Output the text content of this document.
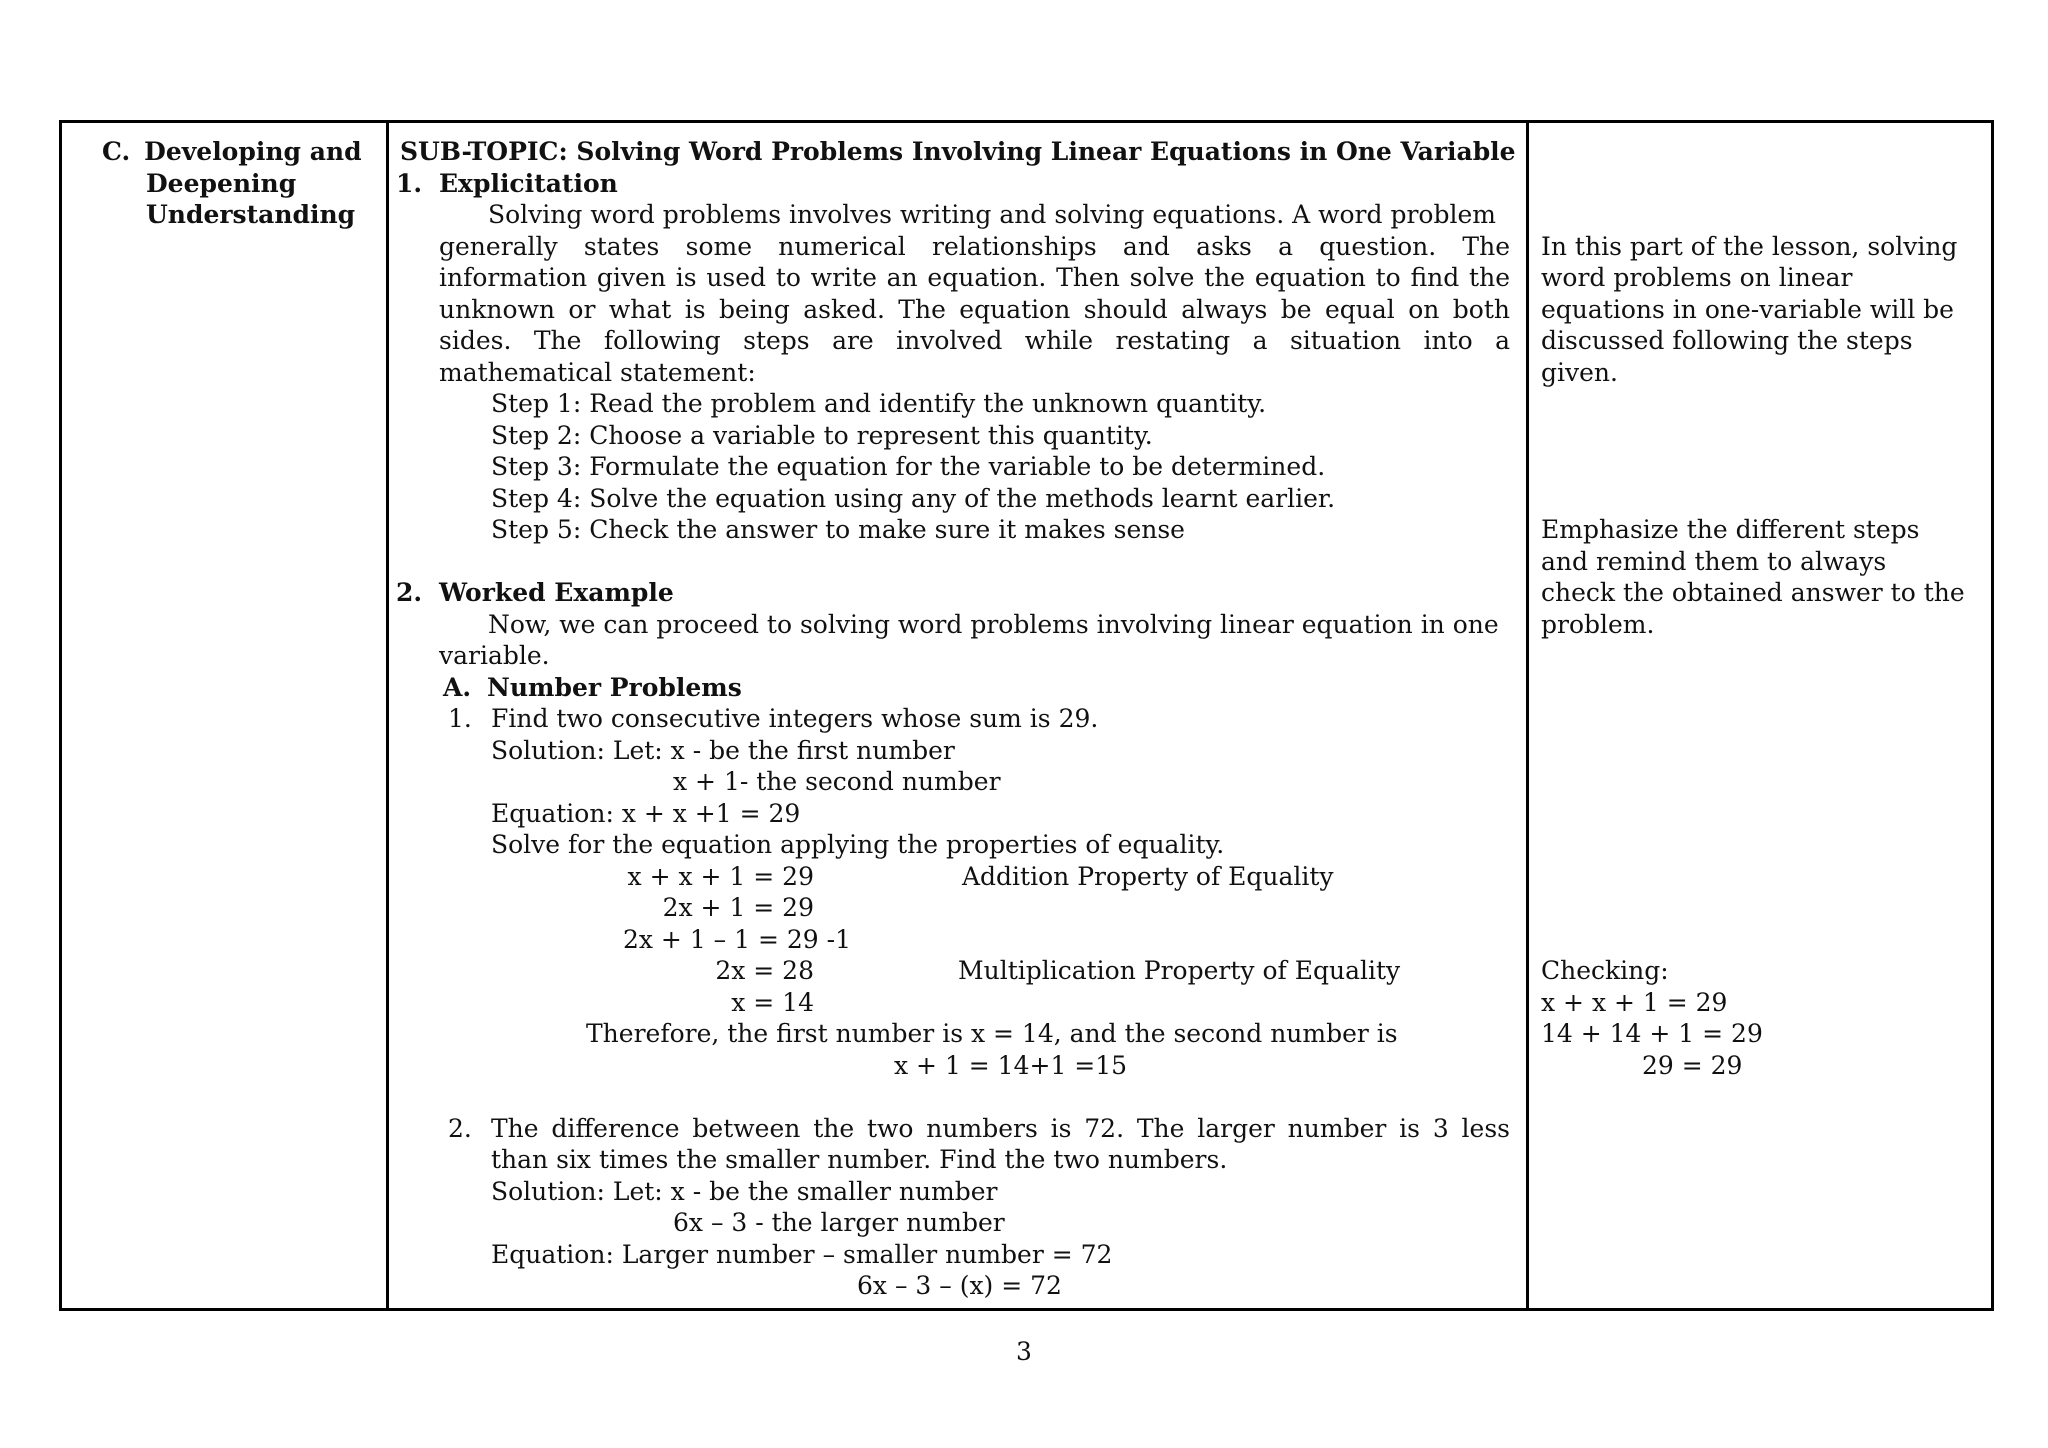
C. Developing and
Deepening
Understanding
SUB-TOPIC: Solving Word Problems Involving Linear Equations in One Variable
1. Explicitation
Solving word problems involves writing and solving equations. A word problem
generally states some numerical relationships and asks a question. The
information given is used to write an equation. Then solve the equation to find the
unknown or what is being asked. The equation should always be equal on both
sides. The following steps are involved while restating a situation into a
mathematical statement:
Step 1: Read the problem and identify the unknown quantity.
Step 2: Choose a variable to represent this quantity.
Step 3: Formulate the equation for the variable to be determined.
Step 4: Solve the equation using any of the methods learnt earlier.
Step 5: Check the answer to make sure it makes sense
2. Worked Example
Now, we can proceed to solving word problems involving linear equation in one
variable.
A. Number Problems
1. Find two consecutive integers whose sum is 29.
Solution: Let: x - be the first number
x + 1- the second number
Equation: x + x +1 = 29
Solve for the equation applying the properties of equality.
x + x + 1 = 29	Addition Property of Equality
2x + 1 = 29
2x + 1 – 1 = 29 -1
2x = 28	Multiplication Property of Equality
x = 14
Therefore, the first number is x = 14, and the second number is
x + 1 = 14+1 =15
2. The difference between the two numbers is 72. The larger number is 3 less
than six times the smaller number. Find the two numbers.
Solution: Let: x - be the smaller number
6x – 3 - the larger number
Equation: Larger number – smaller number = 72
6x – 3 – (x) = 72
In this part of the lesson, solving
word problems on linear
equations in one-variable will be
discussed following the steps
given.
Emphasize the different steps
and remind them to always
check the obtained answer to the
problem.
Checking:
x + x + 1 = 29
14 + 14 + 1 = 29
29 = 29
3
